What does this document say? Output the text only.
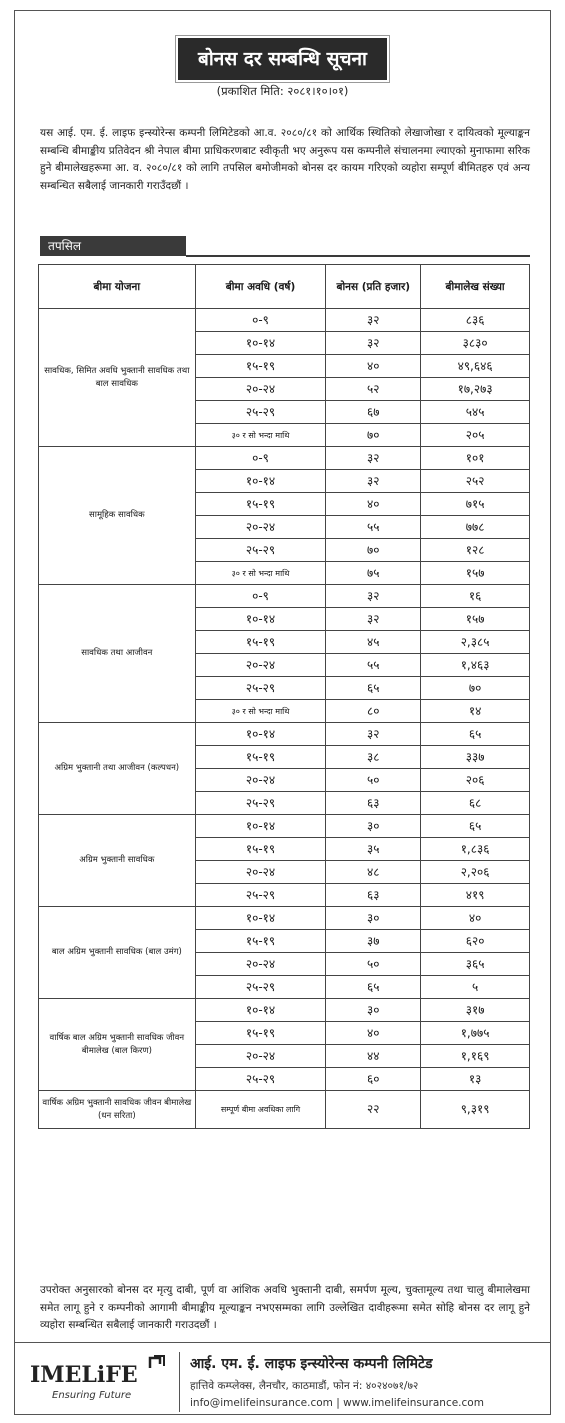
बोनस दर सम्बन्धि सूचना
(प्रकाशित मिति: २०८१।१०।०१)
यस आई. एम. ई. लाइफ इन्स्योरेन्स कम्पनी लिमिटेडको आ.व. २०८०/८१ को आर्थिक स्थितिको लेखाजोखा र दायित्वको मूल्याङ्कन सम्बन्धि बीमाङ्कीय प्रतिवेदन श्री नेपाल बीमा प्राधिकरणबाट स्वीकृती भए अनुरूप यस कम्पनीले संचालनमा ल्याएको मुनाफामा सरिक हुने बीमालेखहरूमा आ. व. २०८०/८१ को लागि तपसिल बमोजीमको बोनस दर कायम गरिएको व्यहोरा सम्पूर्ण बीमितहरु एवं अन्य सम्बन्धित सबैलाई जानकारी गराउँदछौं ।
तपसिल
बीमा योजना	बीमा अवधि (वर्ष)	बोनस (प्रति हजार)	बीमालेख संख्या
सावधिक, सिमित अवधि भुक्तानी सावधिक तथा बाल सावधिक	०-९	३२	८३६
	१०-१४	३२	३८३०
	१५-१९	४०	४९,६४६
	२०-२४	५२	१७,२७३
	२५-२९	६७	५४५
	३० र सो भन्दा माथि	७०	२०५
सामूहिक सावधिक	०-९	३२	१०१
	१०-१४	३२	२५२
	१५-१९	४०	७१५
	२०-२४	५५	७७८
	२५-२९	७०	१२८
	३० र सो भन्दा माथि	७५	१५७
सावधिक तथा आजीवन	०-९	३२	१६
	१०-१४	३२	१५७
	१५-१९	४५	२,३८५
	२०-२४	५५	१,४६३
	२५-२९	६५	७०
	३० र सो भन्दा माथि	८०	१४
अग्रिम भुक्तानी तथा आजीवन (कल्पधन)	१०-१४	३२	६५
	१५-१९	३८	३३७
	२०-२४	५०	२०६
	२५-२९	६३	६८
अग्रिम भुक्तानी सावधिक	१०-१४	३०	६५
	१५-१९	३५	१,८३६
	२०-२४	४८	२,२०६
	२५-२९	६३	४१९
बाल अग्रिम भुक्तानी सावधिक (बाल उमंग)	१०-१४	३०	४०
	१५-१९	३७	६२०
	२०-२४	५०	३६५
	२५-२९	६५	५
वार्षिक बाल अग्रिम भुक्तानी सावधिक जीवन बीमालेख (बाल किरण)	१०-१४	३०	३१७
	१५-१९	४०	१,७७५
	२०-२४	४४	१,१६९
	२५-२९	६०	१३
वार्षिक अग्रिम भुक्तानी सावधिक जीवन बीमालेख (धन सरिता)	सम्पूर्ण बीमा अवधिका लागि	२२	९,३१९
उपरोक्त अनुसारको बोनस दर मृत्यु दाबी, पूर्ण वा आंशिक अवधि भुक्तानी दाबी, समर्पण मूल्य, चुक्तामूल्य तथा चालु बीमालेखमा समेत लागू हुने र कम्पनीको आगामी बीमाङ्कीय मूल्याङ्कन नभएसम्मका लागि उल्लेखित दावीहरूमा समेत सोहि बोनस दर लागू हुने व्यहोरा सम्बन्धित सबैलाई जानकारी गराउदछौं ।
IMELiFE
Ensuring Future
आई. एम. ई. लाइफ इन्स्योरेन्स कम्पनी लिमिटेड
हात्तिवे कम्प्लेक्स, लैनचौर, काठमाडौं, फोन नं: ४०२४०७१/७२
info@imelifeinsurance.com | www.imelifeinsurance.com
